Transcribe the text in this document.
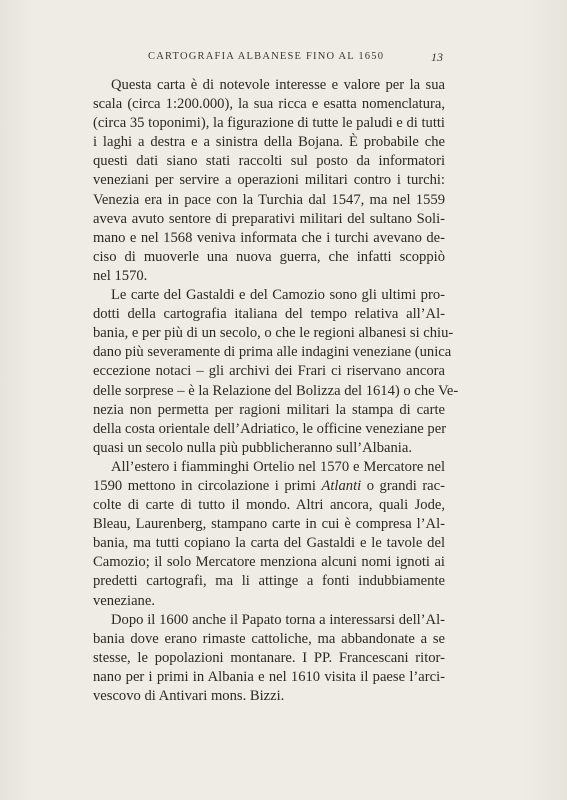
CARTOGRAFIA ALBANESE FINO AL 1650	13

Questa carta è di notevole interesse e valore per la sua
scala (circa 1:200.000), la sua ricca e esatta nomenclatura,
(circa 35 toponimi), la figurazione di tutte le paludi e di tutti
i laghi a destra e a sinistra della Bojana. È probabile che
questi dati siano stati raccolti sul posto da informatori
veneziani per servire a operazioni militari contro i turchi:
Venezia era in pace con la Turchia dal 1547, ma nel 1559
aveva avuto sentore di preparativi militari del sultano Soli-
mano e nel 1568 veniva informata che i turchi avevano de-
ciso di muoverle una nuova guerra, che infatti scoppiò
nel 1570.

Le carte del Gastaldi e del Camozio sono gli ultimi pro-
dotti della cartografia italiana del tempo relativa all’Al-
bania, e per più di un secolo, o che le regioni albanesi si chiu-
dano più severamente di prima alle indagini veneziane (unica
eccezione notaci – gli archivi dei Frari ci riservano ancora
delle sorprese – è la Relazione del Bolizza del 1614) o che Ve-
nezia non permetta per ragioni militari la stampa di carte
della costa orientale dell’Adriatico, le officine veneziane per
quasi un secolo nulla più pubblicheranno sull’Albania.

All’estero i fiamminghi Ortelio nel 1570 e Mercatore nel
1590 mettono in circolazione i primi Atlanti o grandi rac-
colte di carte di tutto il mondo. Altri ancora, quali Jode,
Bleau, Laurenberg, stampano carte in cui è compresa l’Al-
bania, ma tutti copiano la carta del Gastaldi e le tavole del
Camozio; il solo Mercatore menziona alcuni nomi ignoti ai
predetti cartografi, ma li attinge a fonti indubbiamente
veneziane.

Dopo il 1600 anche il Papato torna a interessarsi dell’Al-
bania dove erano rimaste cattoliche, ma abbandonate a se
stesse, le popolazioni montanare. I PP. Francescani ritor-
nano per i primi in Albania e nel 1610 visita il paese l’arci-
vescovo di Antivari mons. Bizzi.
